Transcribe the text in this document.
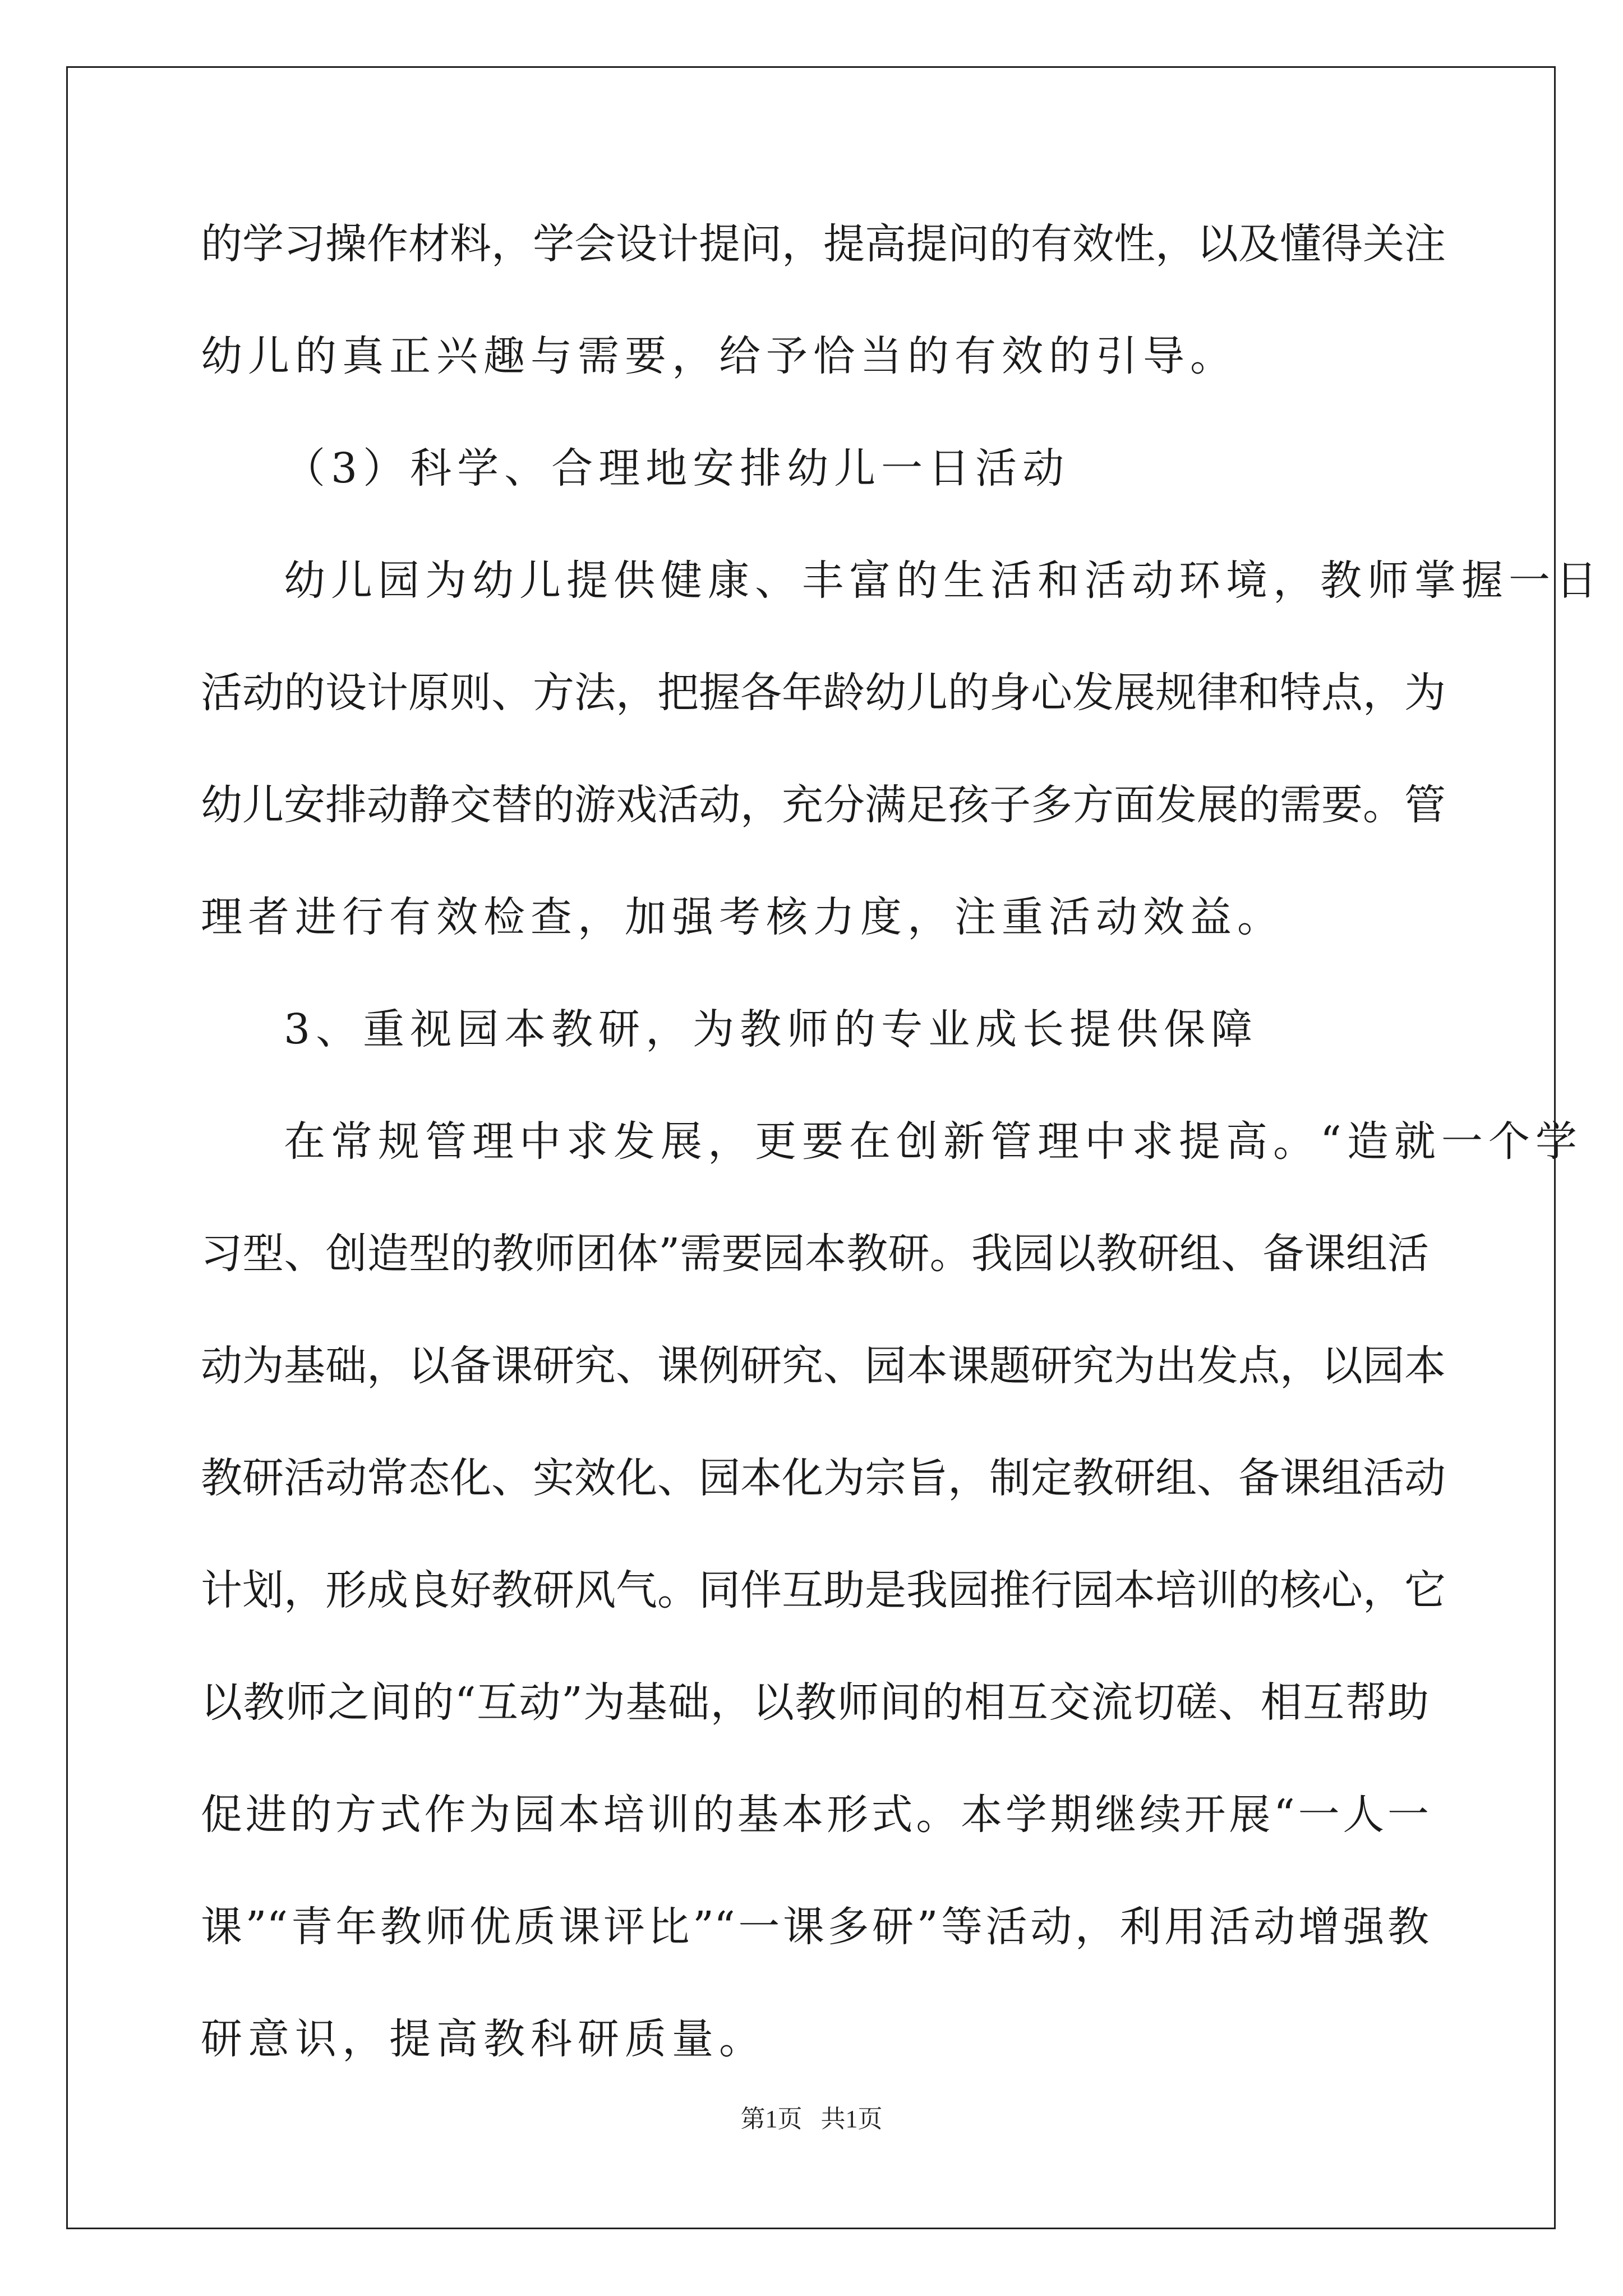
的学习操作材料，学会设计提问，提高提问的有效性，以及懂得关注
幼儿的真正兴趣与需要，给予恰当的有效的引导。
（3）科学、合理地安排幼儿一日活动
幼儿园为幼儿提供健康、丰富的生活和活动环境，教师掌握一日
活动的设计原则、方法，把握各年龄幼儿的身心发展规律和特点，为
幼儿安排动静交替的游戏活动，充分满足孩子多方面发展的需要。管
理者进行有效检查，加强考核力度，注重活动效益。
3、重视园本教研，为教师的专业成长提供保障
在常规管理中求发展，更要在创新管理中求提高。“造就一个学
习型、创造型的教师团体”需要园本教研。我园以教研组、备课组活
动为基础，以备课研究、课例研究、园本课题研究为出发点，以园本
教研活动常态化、实效化、园本化为宗旨，制定教研组、备课组活动
计划，形成良好教研风气。同伴互助是我园推行园本培训的核心，它
以教师之间的“互动”为基础，以教师间的相互交流切磋、相互帮助
促进的方式作为园本培训的基本形式。本学期继续开展“一人一
课”“青年教师优质课评比”“一课多研”等活动，利用活动增强教
研意识，提高教科研质量。
第1页   共1页
